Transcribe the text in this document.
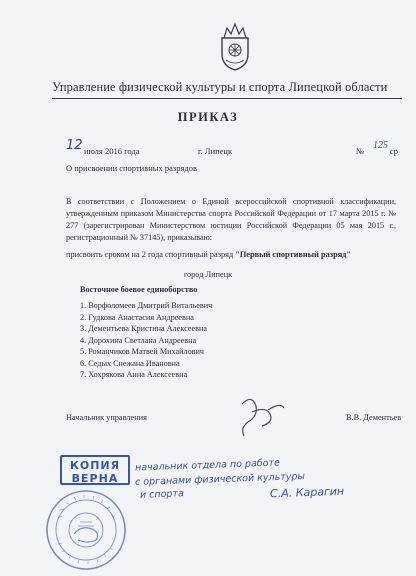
Управление физической культуры и спорта Липецкой области
ПРИКАЗ
12 июля 2016 года	г. Липецк	№ 125 ср
О присвоении спортивных разрядов
В соответствии с Положением о Единой всероссийской спортивной классификации, утвержденным приказом Министерства спорта Российской Федерации от 17 марта 2015 г. № 277 (зарегистрирован Министерством юстиции Российской Федерации 05 мая 2015 г., регистрационный № 37145), приказываю:
присвоить сроком на 2 года спортивный разряд "Первый спортивный разряд"
город Липецк
Восточное боевое единоборство
1. Ворфоломеев Дмитрий Витальевич
2. Гудкова Анастасия Андреевна
3. Дементьева Кристина Алексеевна
4. Дорохина Светлана Андреевна
5. Романчиков Матвей Михайлович
6. Седых Снежана Ивановна
7. Хохрякова Анна Алексеевна
Начальник управления	В.В. Дементьев
КОПИЯ
ВЕРНА
начальник отдела по работе
с органами физической культуры
и спорта	С.А. Карагин
